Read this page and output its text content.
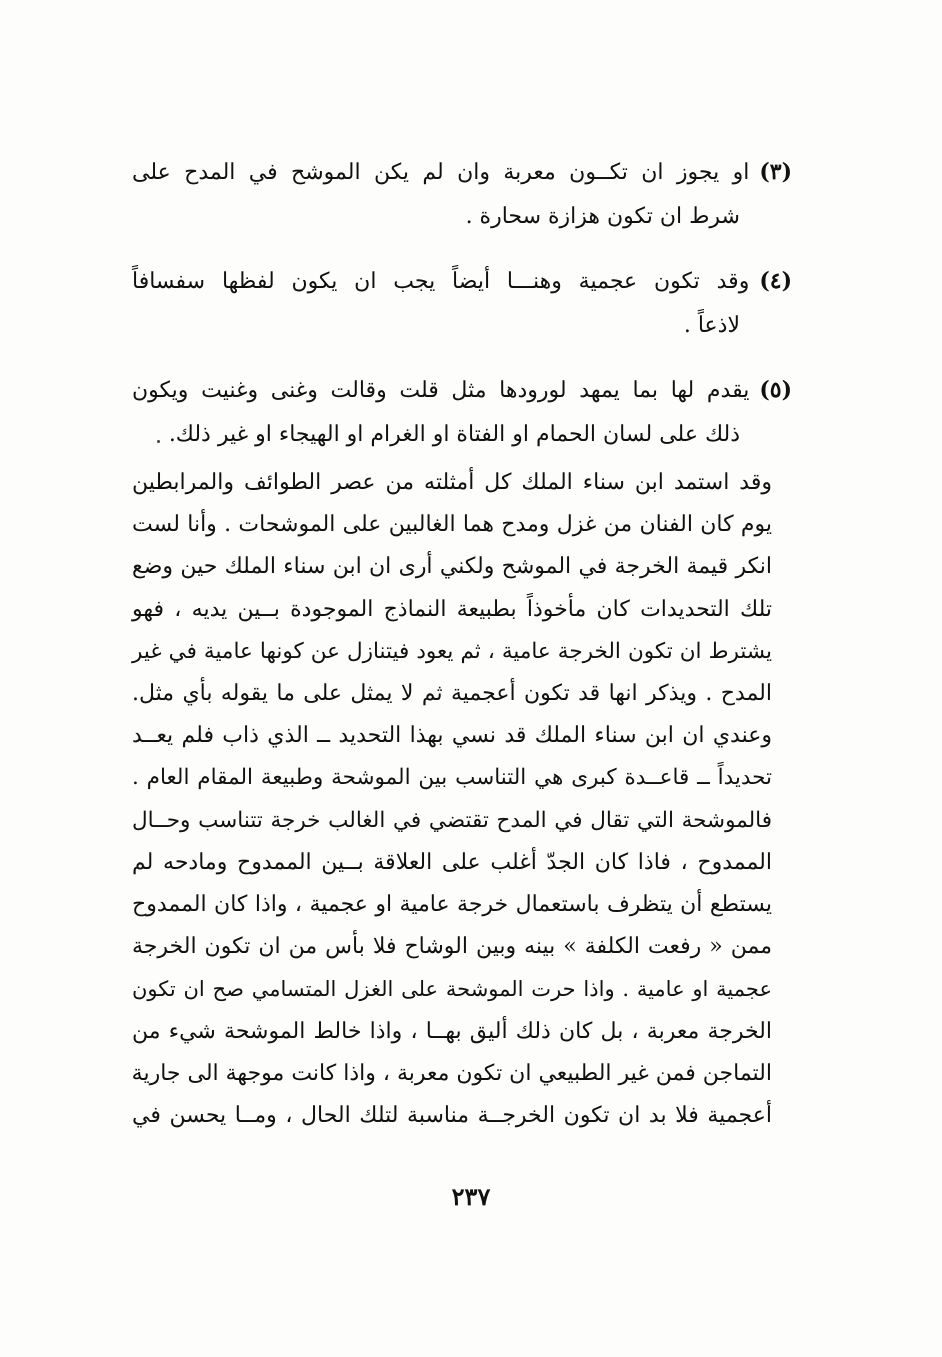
(٣)او يجوز ان تكــون معربة وان لم يكن الموشح في المدح على
شرط ان تكون هزازة سحارة .
(٤)وقد تكون عجمية وهنـــا أيضاً يجب ان يكون لفظها سفسافاً
لاذعاً .
(٥)يقدم لها بما يمهد لورودها مثل قلت وقالت وغنى وغنيت ويكون
ذلك على لسان الحمام او الفتاة او الغرام او الهيجاء او غير ذلك.
وقد استمد ابن سناء الملك كل أمثلته من عصر الطوائف والمرابطين
يوم كان الفنان من غزل ومدح هما الغالبين على الموشحات . وأنا لست
انكر قيمة الخرجة في الموشح ولكني أرى ان ابن سناء الملك حين وضع
تلك التحديدات كان مأخوذاً بطبيعة النماذج الموجودة بــين يديه ، فهو
يشترط ان تكون الخرجة عامية ، ثم يعود فيتنازل عن كونها عامية في غير
المدح . ويذكر انها قد تكون أعجمية ثم لا يمثل على ما يقوله بأي مثل.
وعندي ان ابن سناء الملك قد نسي بهذا التحديد ــ الذي ذاب فلم يعــد
تحديداً ــ قاعــدة كبرى هي التناسب بين الموشحة وطبيعة المقام العام .
فالموشحة التي تقال في المدح تقتضي في الغالب خرجة تتناسب وحــال
الممدوح ، فاذا كان الجدّ أغلب على العلاقة بــين الممدوح ومادحه لم
يستطع أن يتظرف باستعمال خرجة عامية او عجمية ، واذا كان الممدوح
ممن « رفعت الكلفة » بينه وبين الوشاح فلا بأس من ان تكون الخرجة
عجمية او عامية . واذا حرت الموشحة على الغزل المتسامي صح ان تكون
الخرجة معربة ، بل كان ذلك أليق بهــا ، واذا خالط الموشحة شيء من
التماجن فمن غير الطبيعي ان تكون معربة ، واذا كانت موجهة الى جارية
أعجمية فلا بد ان تكون الخرجــة مناسبة لتلك الحال ، ومــا يحسن في
٢٣٧
